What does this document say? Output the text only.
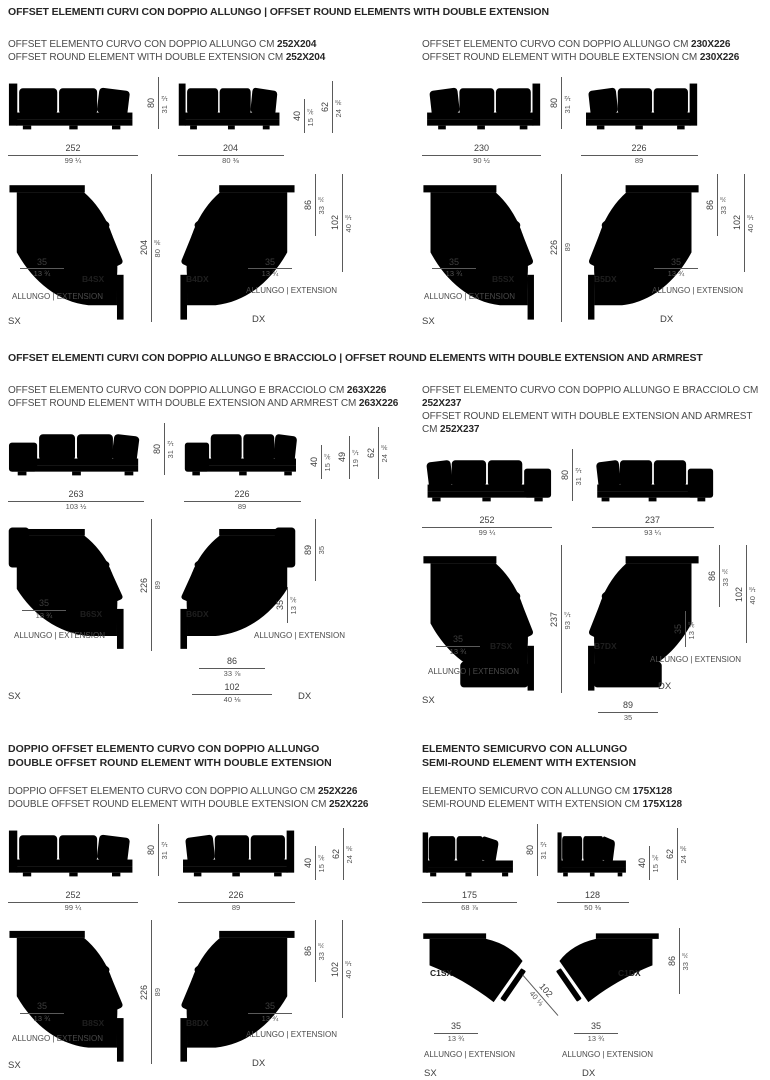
OFFSET ELEMENTI CURVI CON DOPPIO ALLUNGO | OFFSET ROUND ELEMENTS WITH DOUBLE EXTENSION

OFFSET ELEMENTO CURVO CON DOPPIO ALLUNGO CM 252X204

OFFSET ROUND ELEMENT WITH DOUBLE EXTENSION CM 252X204

252
99 ¼
80 31 ½
204
80 ⅜
40 15 ¾ 62 24 ⅜
B4SX
204 80 ⅜
B4DX
86 33 ⅞
102 40 ⅛
35
13 ¾
ALLUNGO | EXTENSION
SX
35
13 ¾
ALLUNGO | EXTENSION
DX

OFFSET ELEMENTO CURVO CON DOPPIO ALLUNGO CM 230X226

OFFSET ROUND ELEMENT WITH DOUBLE EXTENSION CM 230X226

230
90 ½
80 31 ½
226
89
B5SX
226 89
B5DX
86 33 ⅞
102 40 ⅛
35
13 ¾
ALLUNGO | EXTENSION
SX
35
13 ¾
ALLUNGO | EXTENSION
DX

OFFSET ELEMENTI CURVI CON DOPPIO ALLUNGO E BRACCIOLO | OFFSET ROUND ELEMENTS WITH DOUBLE EXTENSION AND ARMREST

OFFSET ELEMENTO CURVO CON DOPPIO ALLUNGO E BRACCIOLO CM 263X226

OFFSET ROUND ELEMENT WITH DOUBLE EXTENSION AND ARMREST CM 263X226

263
103 ½
80 31 ½
226
89
40 15 ¾ 49 19 ¼ 62 24 ⅜
B6SX
226 89
B6DX
89 35
35 13 ¾
ALLUNGO | EXTENSION
86
33 ⅞
102
40 ⅛
35
13 ¾
ALLUNGO | EXTENSION
SX	DX

OFFSET ELEMENTO CURVO CON DOPPIO ALLUNGO E BRACCIOLO CM 252X237

OFFSET ROUND ELEMENT WITH DOUBLE EXTENSION AND ARMREST CM 252X237

252
99 ¼
80 31 ½
237
93 ¼
B7SX
237 93 ¼
B7DX
86 33 ⅞
102 40 ⅛
35 13 ¾
ALLUNGO | EXTENSION
89
35
35
13 ¾
ALLUNGO | EXTENSION
SX
DX

DOPPIO OFFSET ELEMENTO CURVO CON DOPPIO ALLUNGO

DOUBLE OFFSET ROUND ELEMENT WITH DOUBLE EXTENSION

DOPPIO OFFSET ELEMENTO CURVO CON DOPPIO ALLUNGO CM 252X226

DOUBLE OFFSET ROUND ELEMENT WITH DOUBLE EXTENSION CM 252X226

252
99 ¼
80 31 ½
226
89
40 15 ¾ 62 24 ⅜
B8SX
226 89
B8DX
86 33 ⅞
102 40 ⅛
35
13 ¾
ALLUNGO | EXTENSION
SX
35
13 ¾
ALLUNGO | EXTENSION
DX

ELEMENTO SEMICURVO CON ALLUNGO

SEMI-ROUND ELEMENT WITH EXTENSION

ELEMENTO SEMICURVO CON ALLUNGO CM 175X128

SEMI-ROUND ELEMENT WITH EXTENSION CM 175X128

175
68 ⅞
80 31 ½
128
50 ⅜
40 15 ¾ 62 24 ⅜
C1SX
102
40 ⅛
C1DX
86 33 ⅞
35
13 ¾
ALLUNGO | EXTENSION
SX
35
13 ¾
ALLUNGO | EXTENSION
DX
